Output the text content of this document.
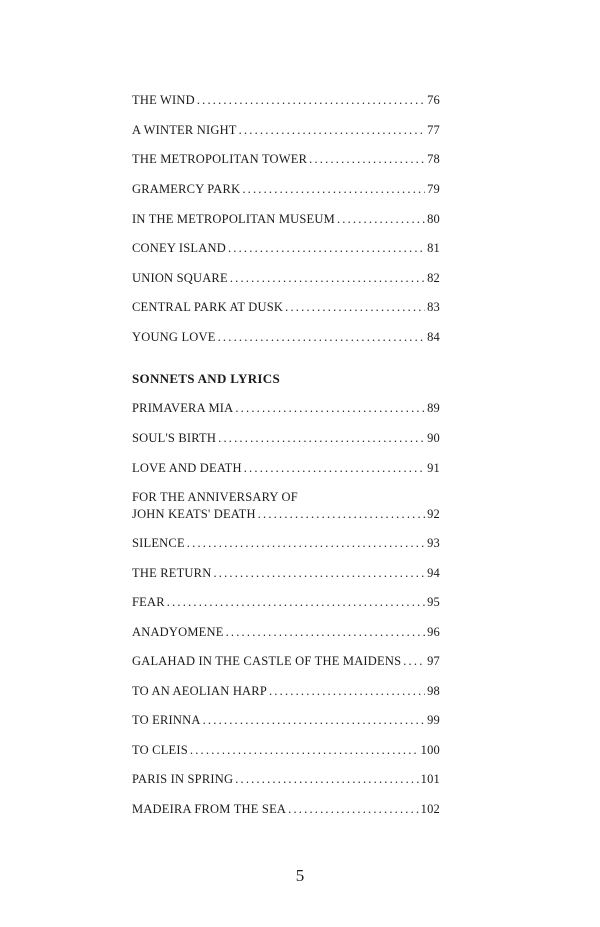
THE WIND .....	76
A WINTER NIGHT .....	77
THE METROPOLITAN TOWER .....	78
GRAMERCY PARK .....	79
IN THE METROPOLITAN MUSEUM .....	80
CONEY ISLAND .....	81
UNION SQUARE .....	82
CENTRAL PARK AT DUSK .....	83
YOUNG LOVE .....	84
SONNETS AND LYRICS
PRIMAVERA MIA .....	89
SOUL'S BIRTH .....	90
LOVE AND DEATH .....	91
FOR THE ANNIVERSARY OF
JOHN KEATS' DEATH .....	92
SILENCE .....	93
THE RETURN .....	94
FEAR .....	95
ANADYOMENE .....	96
GALAHAD IN THE CASTLE OF THE MAIDENS ..... 97
TO AN AEOLIAN HARP .....	98
TO ERINNA .....	99
TO CLEIS .....	100
PARIS IN SPRING .....	101
MADEIRA FROM THE SEA .....	102
5
